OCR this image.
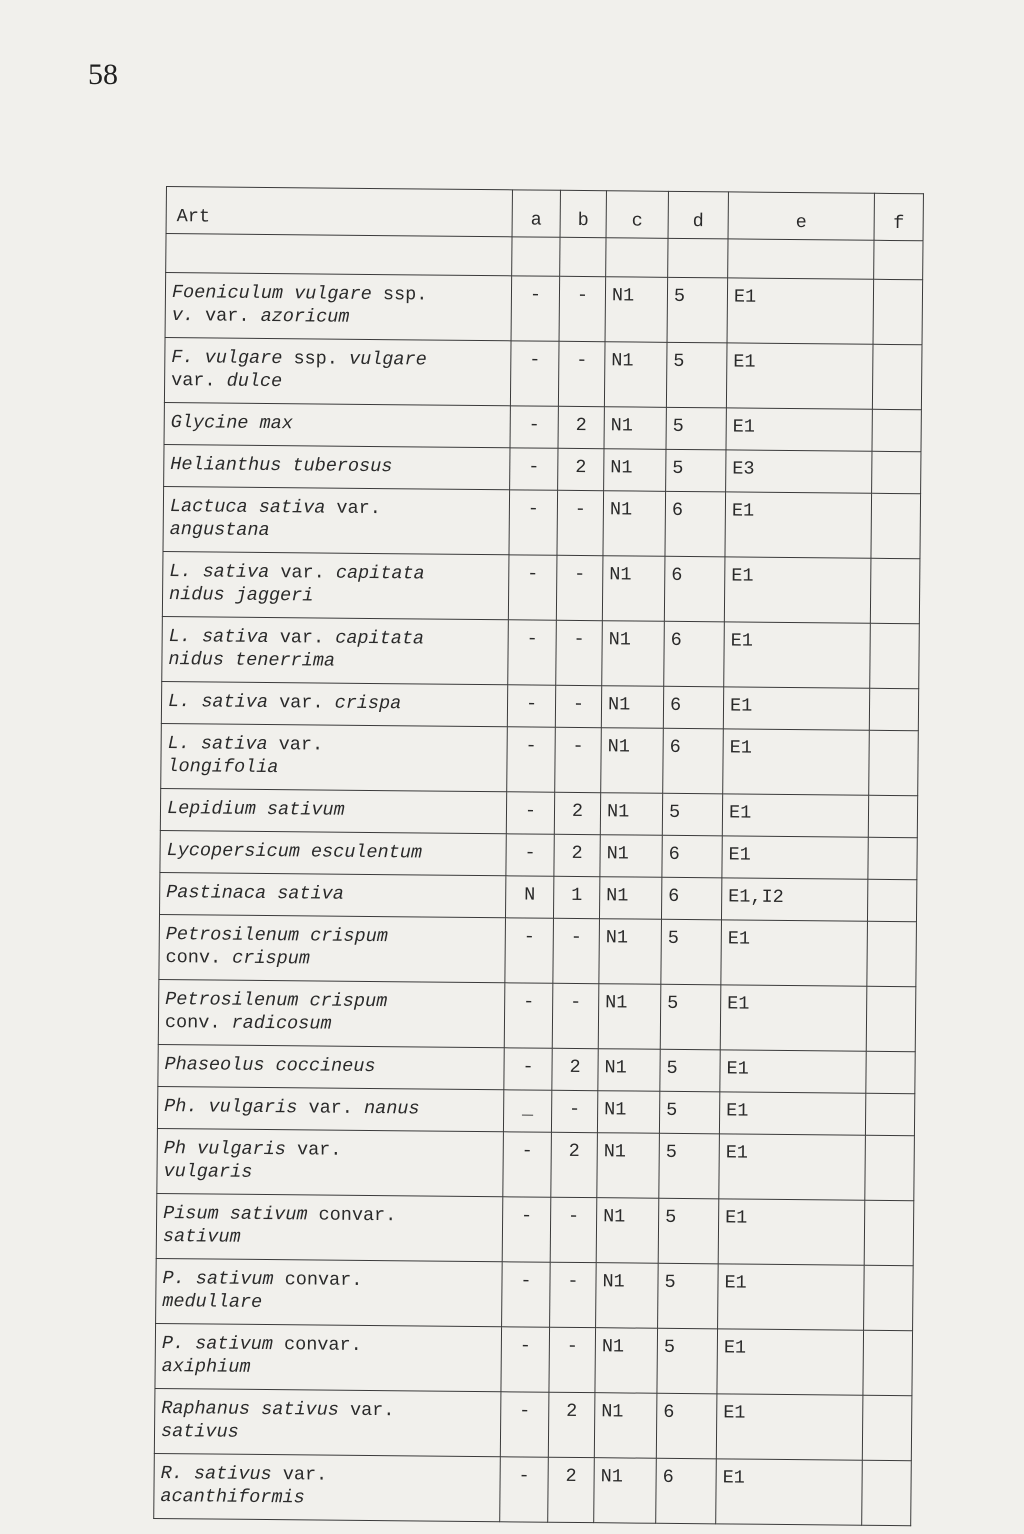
58
Art	a	b	c	d	e	f

Foeniculum vulgare ssp.
v. var. azoricum	-	-	N1	5	E1	

F. vulgare ssp. vulgare
var. dulce	-	-	N1	5	E1	

Glycine max	-	2	N1	5	E1	

Helianthus tuberosus	-	2	N1	5	E3	

Lactuca sativa var.
angustana	-	-	N1	6	E1	

L. sativa var. capitata
nidus jaggeri	-	-	N1	6	E1	

L. sativa var. capitata
nidus tenerrima	-	-	N1	6	E1	

L. sativa var. crispa	-	-	N1	6	E1	

L. sativa var.
longifolia	-	-	N1	6	E1	

Lepidium sativum	-	2	N1	5	E1	

Lycopersicum esculentum	-	2	N1	6	E1	

Pastinaca sativa	N	1	N1	6	E1,I2	

Petrosilenum crispum
conv. crispum	-	-	N1	5	E1	

Petrosilenum crispum
conv. radicosum	-	-	N1	5	E1	

Phaseolus coccineus	-	2	N1	5	E1	

Ph. vulgaris var. nanus	_	-	N1	5	E1	

Ph vulgaris var.
vulgaris	-	2	N1	5	E1	

Pisum sativum convar.
sativum	-	-	N1	5	E1	

P. sativum convar.
medullare	-	-	N1	5	E1	

P. sativum convar.
axiphium	-	-	N1	5	E1	

Raphanus sativus var.
sativus	-	2	N1	6	E1	

R. sativus var.
acanthiformis	-	2	N1	6	E1	
